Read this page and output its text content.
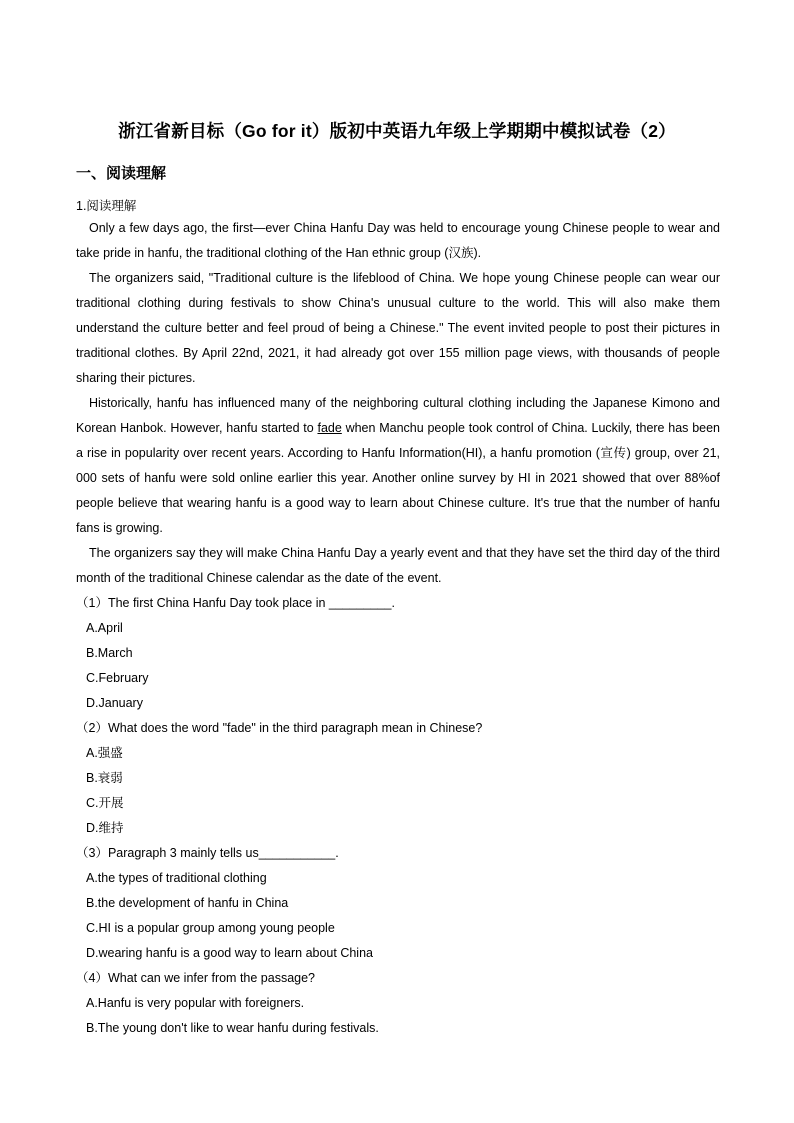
浙江省新目标（Go for it）版初中英语九年级上学期期中模拟试卷（2）
一、阅读理解
1.阅读理解

Only a few days ago, the first—ever China Hanfu Day was held to encourage young Chinese people to wear and take pride in hanfu, the traditional clothing of the Han ethnic group (汉族).

The organizers said, "Traditional culture is the lifeblood of China. We hope young Chinese people can wear our traditional clothing during festivals to show China's unusual culture to the world. This will also make them understand the culture better and feel proud of being a Chinese." The event invited people to post their pictures in traditional clothes. By April 22nd, 2021, it had already got over 155 million page views, with thousands of people sharing their pictures.

Historically, hanfu has influenced many of the neighboring cultural clothing including the Japanese Kimono and Korean Hanbok. However, hanfu started to fade when Manchu people took control of China. Luckily, there has been a rise in popularity over recent years. According to Hanfu Information(HI), a hanfu promotion (宣传) group, over 21, 000 sets of hanfu were sold online earlier this year. Another online survey by HI in 2021 showed that over 88%of people believe that wearing hanfu is a good way to learn about Chinese culture. It's true that the number of hanfu fans is growing.

The organizers say they will make China Hanfu Day a yearly event and that they have set the third day of the third month of the traditional Chinese calendar as the date of the event.

（1）The first China Hanfu Day took place in _________.
A.April
B.March
C.February
D.January
（2）What does the word "fade" in the third paragraph mean in Chinese?
A.强盛
B.衰弱
C.开展
D.维持
（3）Paragraph 3 mainly tells us___________.
A.the types of traditional clothing
B.the development of hanfu in China
C.HI is a popular group among young people
D.wearing hanfu is a good way to learn about China
（4）What can we infer from the passage?
A.Hanfu is very popular with foreigners.
B.The young don't like to wear hanfu during festivals.
